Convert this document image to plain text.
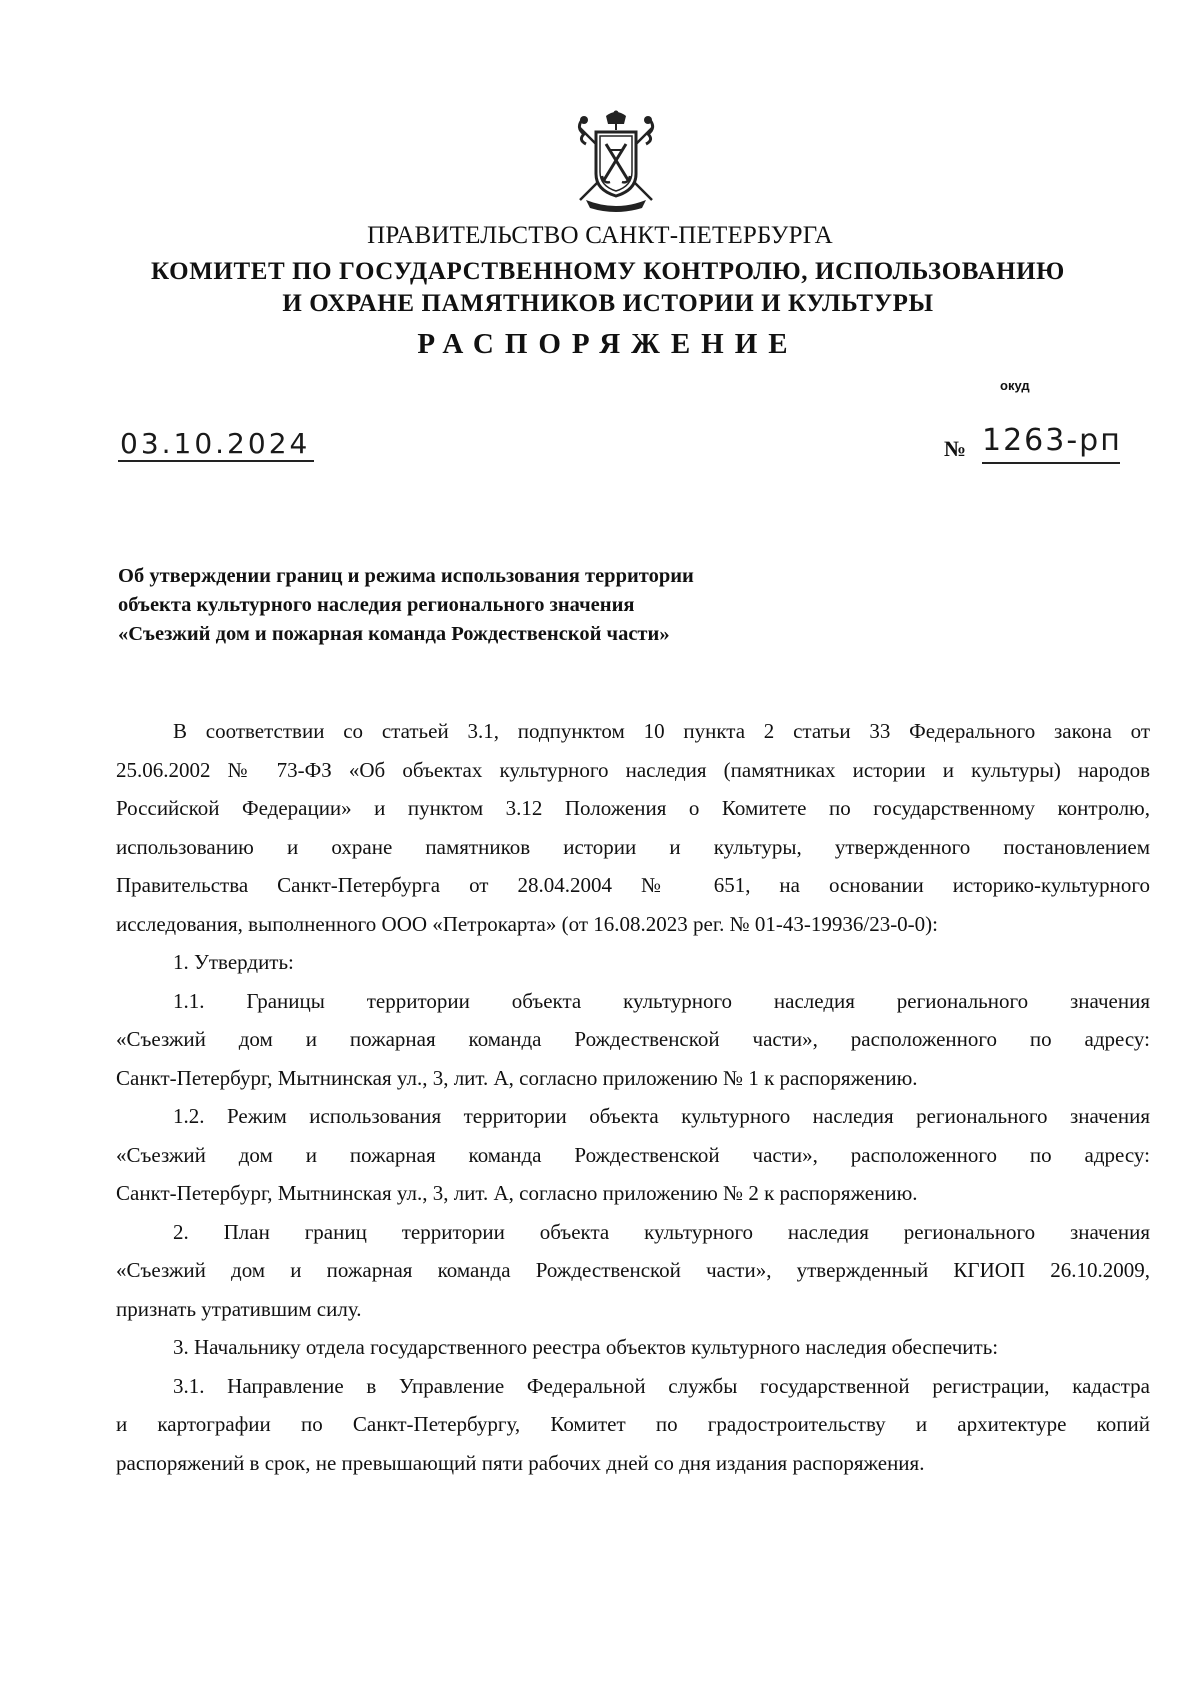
ПРАВИТЕЛЬСТВО САНКТ-ПЕТЕРБУРГА
КОМИТЕТ ПО ГОСУДАРСТВЕННОМУ КОНТРОЛЮ, ИСПОЛЬЗОВАНИЮ
И ОХРАНЕ ПАМЯТНИКОВ ИСТОРИИ И КУЛЬТУРЫ
РАСПОРЯЖЕНИЕ
окуд
03.10.2024	№ 1263-рп
Об утверждении границ и режима использования территории
объекта культурного наследия регионального значения
«Съезжий дом и пожарная команда Рождественской части»
В соответствии со статьей 3.1, подпунктом 10 пункта 2 статьи 33 Федерального закона от
25.06.2002 № 73-ФЗ «Об объектах культурного наследия (памятниках истории и культуры) народов
Российской Федерации» и пунктом 3.12 Положения о Комитете по государственному контролю,
использованию и охране памятников истории и культуры, утвержденного постановлением
Правительства Санкт-Петербурга от 28.04.2004 № 651, на основании историко-культурного
исследования, выполненного ООО «Петрокарта» (от 16.08.2023 рег. № 01-43-19936/23-0-0):
1. Утвердить:
1.1. Границы территории объекта культурного наследия регионального значения
«Съезжий дом и пожарная команда Рождественской части», расположенного по адресу:
Санкт-Петербург, Мытнинская ул., 3, лит. А, согласно приложению № 1 к распоряжению.
1.2. Режим использования территории объекта культурного наследия регионального значения
«Съезжий дом и пожарная команда Рождественской части», расположенного по адресу:
Санкт-Петербург, Мытнинская ул., 3, лит. А, согласно приложению № 2 к распоряжению.
2. План границ территории объекта культурного наследия регионального значения
«Съезжий дом и пожарная команда Рождественской части», утвержденный КГИОП 26.10.2009,
признать утратившим силу.
3. Начальнику отдела государственного реестра объектов культурного наследия обеспечить:
3.1. Направление в Управление Федеральной службы государственной регистрации, кадастра
и картографии по Санкт-Петербургу, Комитет по градостроительству и архитектуре копий
распоряжений в срок, не превышающий пяти рабочих дней со дня издания распоряжения.
